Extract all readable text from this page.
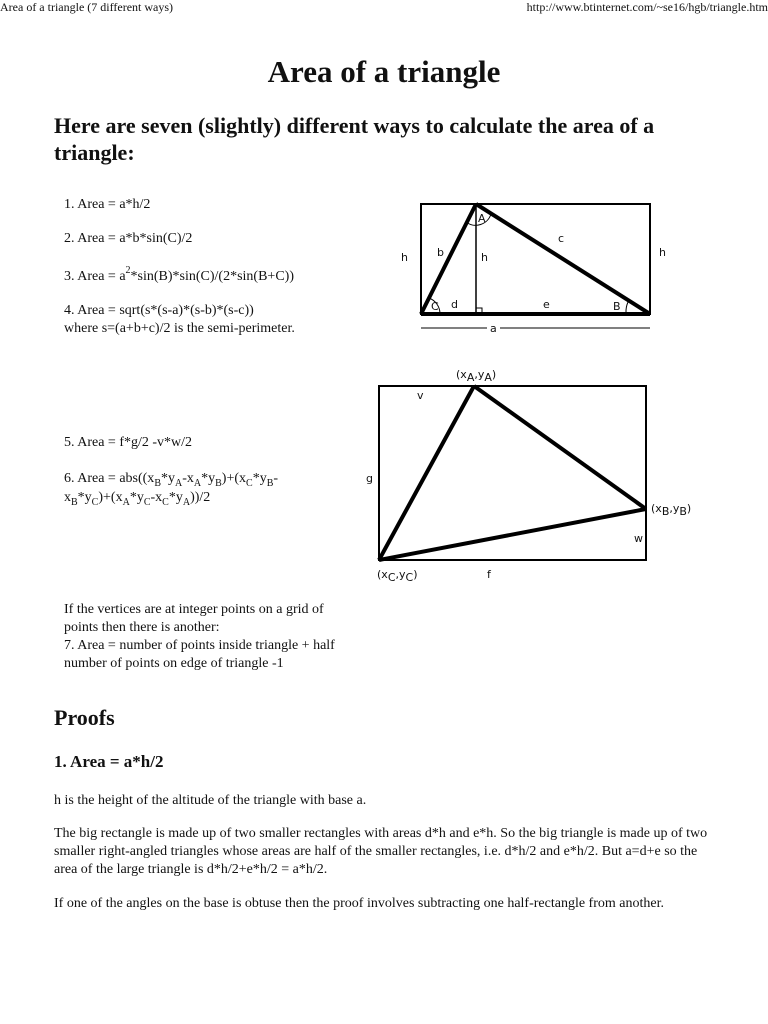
Area of a triangle (7 different ways)	http://www.btinternet.com/~se16/hgb/triangle.htm
Area of a triangle

Here are seven (slightly) different ways to calculate the area of a triangle:

1. Area = a*h/2
2. Area = a*b*sin(C)/2
3. Area = $a^2*\sin(B)*\sin(C)/(2*\sin(B+C))$
4. Area = sqrt(s*(s-a)*(s-b)*(s-c))
where s=(a+b+c)/2 is the semi-perimeter.
5. Area = f*g/2 -v*w/2
6. Area = $abs((x_B*y_A-x_A*y_B)+(x_C*y_B-$
$x_B*y_C)+(x_A*y_C-x_C*y_A))/2$
If the vertices are at integer points on a grid of points then there is another:
7. Area = number of points inside triangle + half number of points on edge of triangle -1
h	b	h
c
h
A
C	B
d	e
a
(xA,yA)
v
g
(xB,yB)
w
(xC,yC)	f
Proofs
1. Area = a*h/2

h is the height of the altitude of the triangle with base a.

The big rectangle is made up of two smaller rectangles with areas d*h and e*h. So the big triangle is made up of two smaller right-angled triangles whose areas are half of the smaller rectangles, i.e. d*h/2 and e*h/2. But a=d+e so the area of the large triangle is d*h/2+e*h/2 = a*h/2.

If one of the angles on the base is obtuse then the proof involves subtracting one half-rectangle from another.
